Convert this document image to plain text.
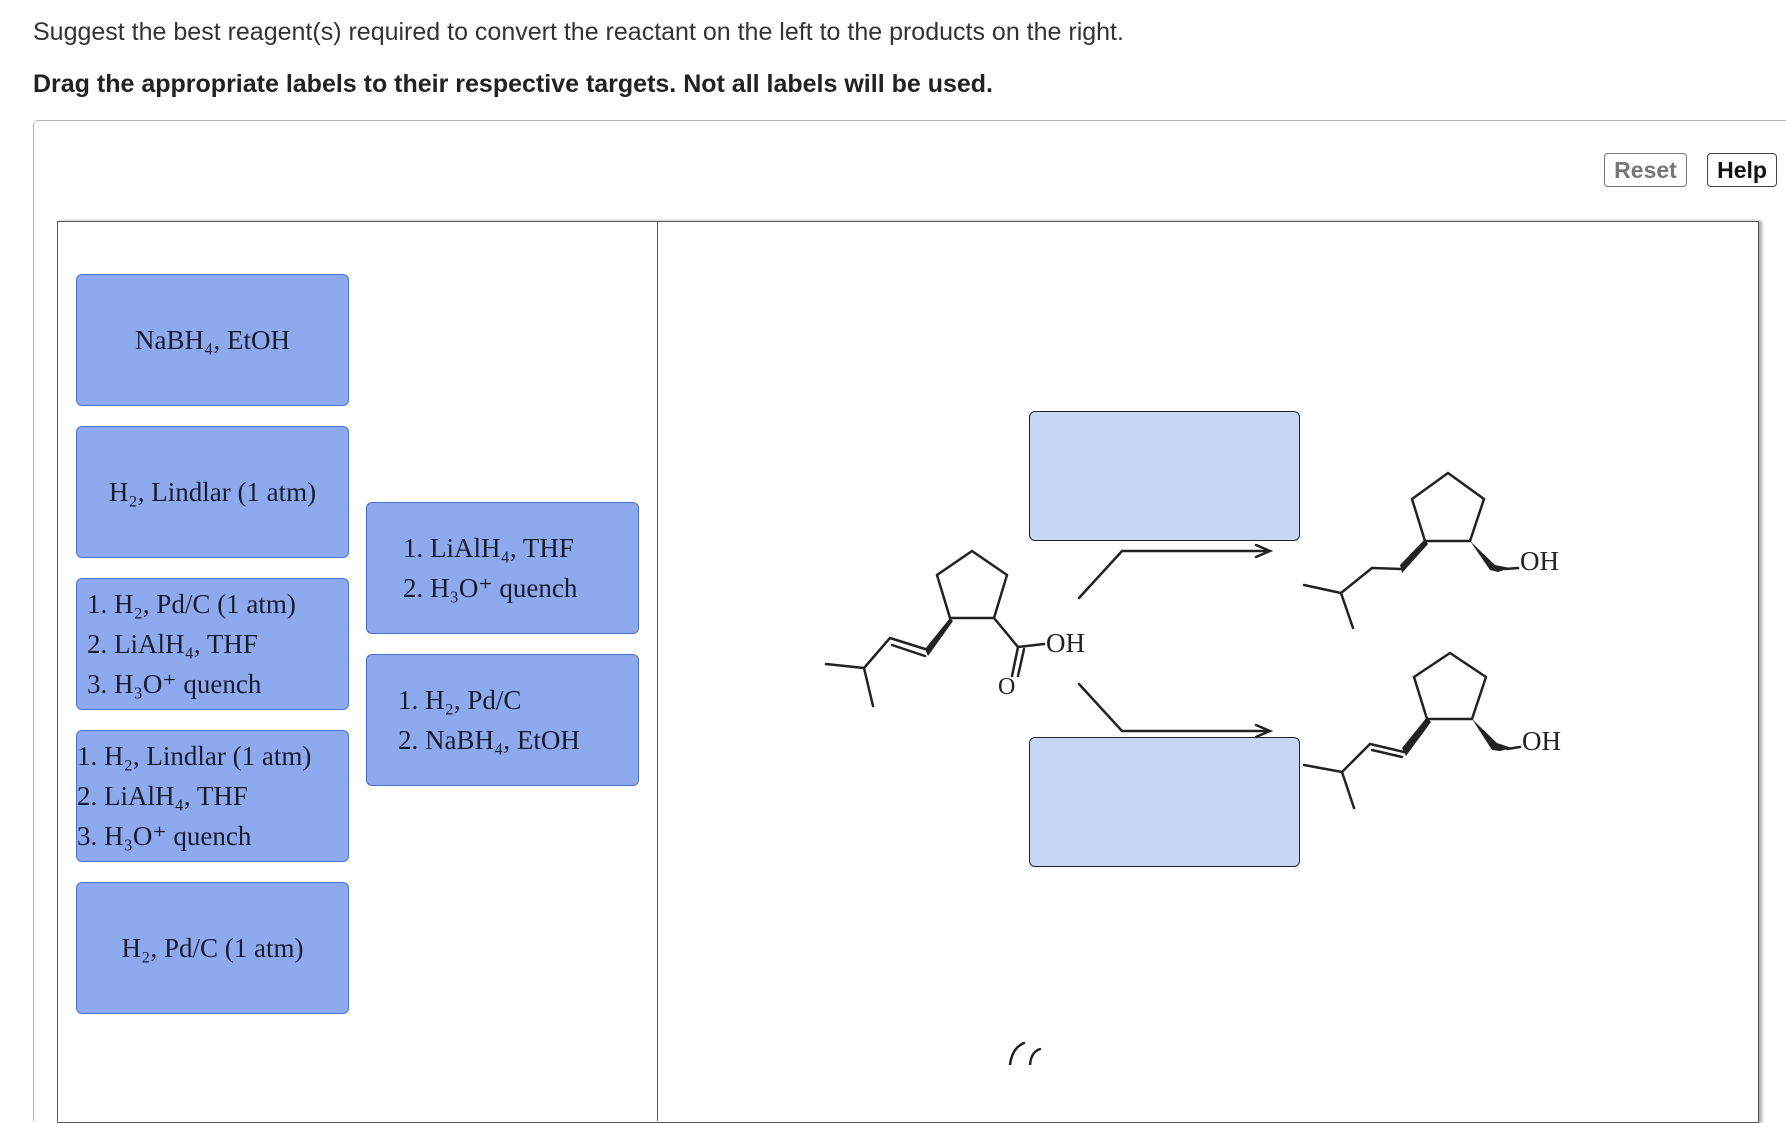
Suggest the best reagent(s) required to convert the reactant on the left to the products on the right.

Drag the appropriate labels to their respective targets. Not all labels will be used.

Reset	Help
NaBH₄, EtOH
H₂, Lindlar (1 atm)
1. H₂, Pd/C (1 atm)
2. LiAlH₄, THF
3. H₃O⁺ quench
1. H₂, Lindlar (1 atm)
2. LiAlH₄, THF
3. H₃O⁺ quench
H₂, Pd/C (1 atm)
1. LiAlH₄, THF
2. H₃O⁺ quench
1. H₂, Pd/C
2. NaBH₄, EtOH
OH
O
OH
OH
